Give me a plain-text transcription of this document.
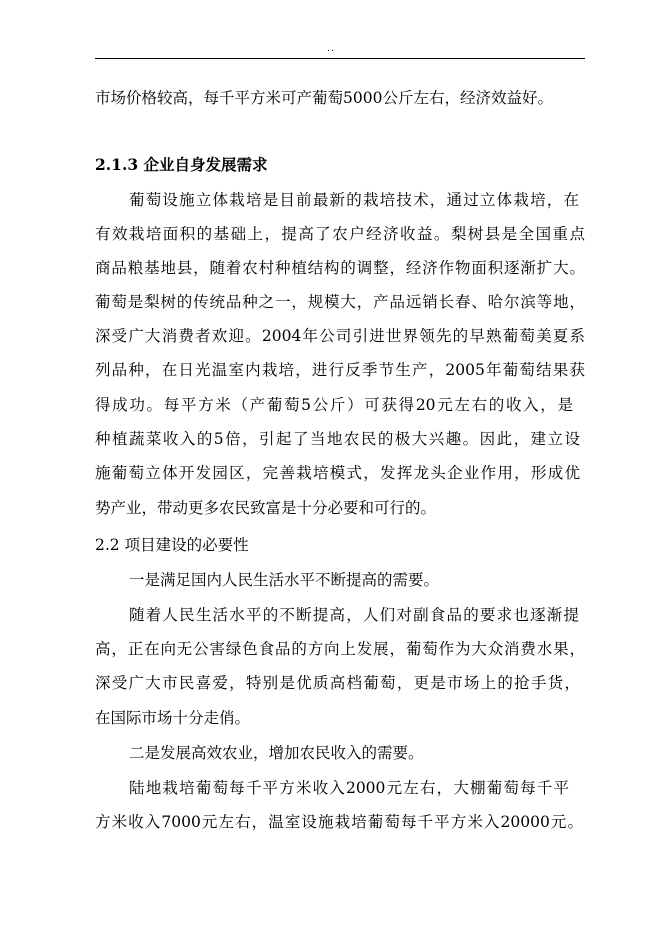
..
市场价格较高，每千平方米可产葡萄5000公斤左右，经济效益好。
2.1.3 企业自身发展需求
葡萄设施立体栽培是目前最新的栽培技术，通过立体栽培，在
有效栽培面积的基础上，提高了农户经济收益。梨树县是全国重点
商品粮基地县，随着农村种植结构的调整，经济作物面积逐渐扩大。
葡萄是梨树的传统品种之一，规模大，产品远销长春、哈尔滨等地，
深受广大消费者欢迎。2004年公司引进世界领先的早熟葡萄美夏系
列品种，在日光温室内栽培，进行反季节生产，2005年葡萄结果获
得成功。每平方米（产葡萄5公斤）可获得20元左右的收入，是
种植蔬菜收入的5倍，引起了当地农民的极大兴趣。因此，建立设
施葡萄立体开发园区，完善栽培模式，发挥龙头企业作用，形成优
势产业，带动更多农民致富是十分必要和可行的。
2.2 项目建设的必要性
一是满足国内人民生活水平不断提高的需要。
随着人民生活水平的不断提高，人们对副食品的要求也逐渐提
高，正在向无公害绿色食品的方向上发展，葡萄作为大众消费水果，
深受广大市民喜爱，特别是优质高档葡萄，更是市场上的抢手货，
在国际市场十分走俏。
二是发展高效农业，增加农民收入的需要。
陆地栽培葡萄每千平方米收入2000元左右，大棚葡萄每千平
方米收入7000元左右，温室设施栽培葡萄每千平方米入20000元。
